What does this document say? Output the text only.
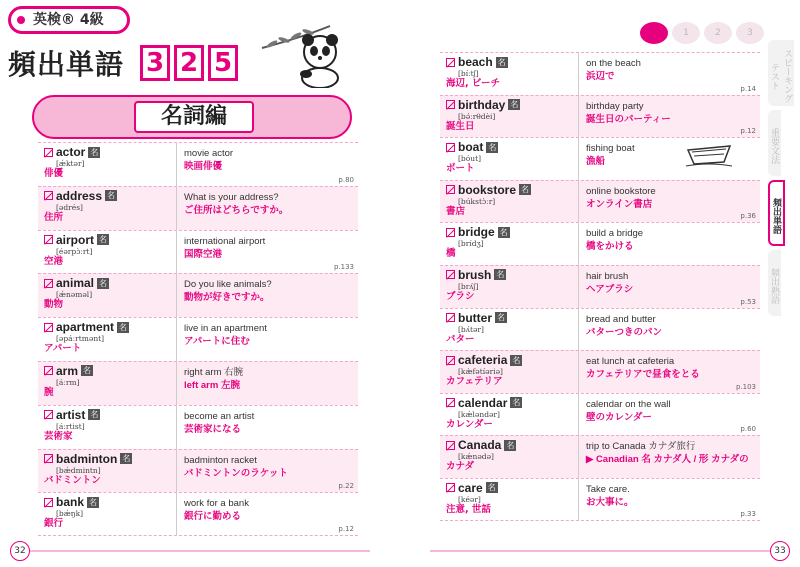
英検® 4級
頻出単語 3 2 5
名詞編
actor 名
[ǽktər]
俳優
movie actor
映画俳優
p.80
address 名
[ədrés]
住所
What is your address?
ご住所はどちらですか。
airport 名
[éərpɔ̀ːrt]
空港
international airport
国際空港
p.133
animal 名
[ǽnəməl]
動物
Do you like animals?
動物が好きですか。
apartment 名
[əpáːrtmənt]
アパート
live in an apartment
アパートに住む
arm 名
[áːrm]
腕
right arm 右腕
left arm 左腕
artist 名
[áːrtist]
芸術家
become an artist
芸術家になる
badminton 名
[bǽdmintn]
バドミントン
badminton racket
バドミントンのラケット
p.22
bank 名
[bǽŋk]
銀行
work for a bank
銀行に勤める
p.12
32
1	2	3
beach 名
[bíːtʃ]
海辺, ビーチ
on the beach
浜辺で
p.14
birthday 名
[bə́ːrθdèi]
誕生日
birthday party
誕生日のパーティー
p.12
boat 名
[bóut]
ボート
fishing boat
漁船
bookstore 名
[búkstɔ̀ːr]
書店
online bookstore
オンライン書店
p.36
bridge 名
[brídʒ]
橋
build a bridge
橋をかける
brush 名
[brʌ́ʃ]
ブラシ
hair brush
ヘアブラシ
p.53
butter 名
[bʌ́tər]
バター
bread and butter
バターつきのパン
cafeteria 名
[kæ̀fətíəriə]
カフェテリア
eat lunch at cafeteria
カフェテリアで昼食をとる
p.103
calendar 名
[kǽləndər]
カレンダー
calendar on the wall
壁のカレンダー
p.60
Canada 名
[kǽnədə]
カナダ
trip to Canada カナダ旅行
▶ Canadian 名 カナダ人 / 形 カナダの
care 名
[kéər]
注意, 世話
Take care.
お大事に。
p.33
スピーキングテスト
重要文法
頻出単語
頻出熟語
33
